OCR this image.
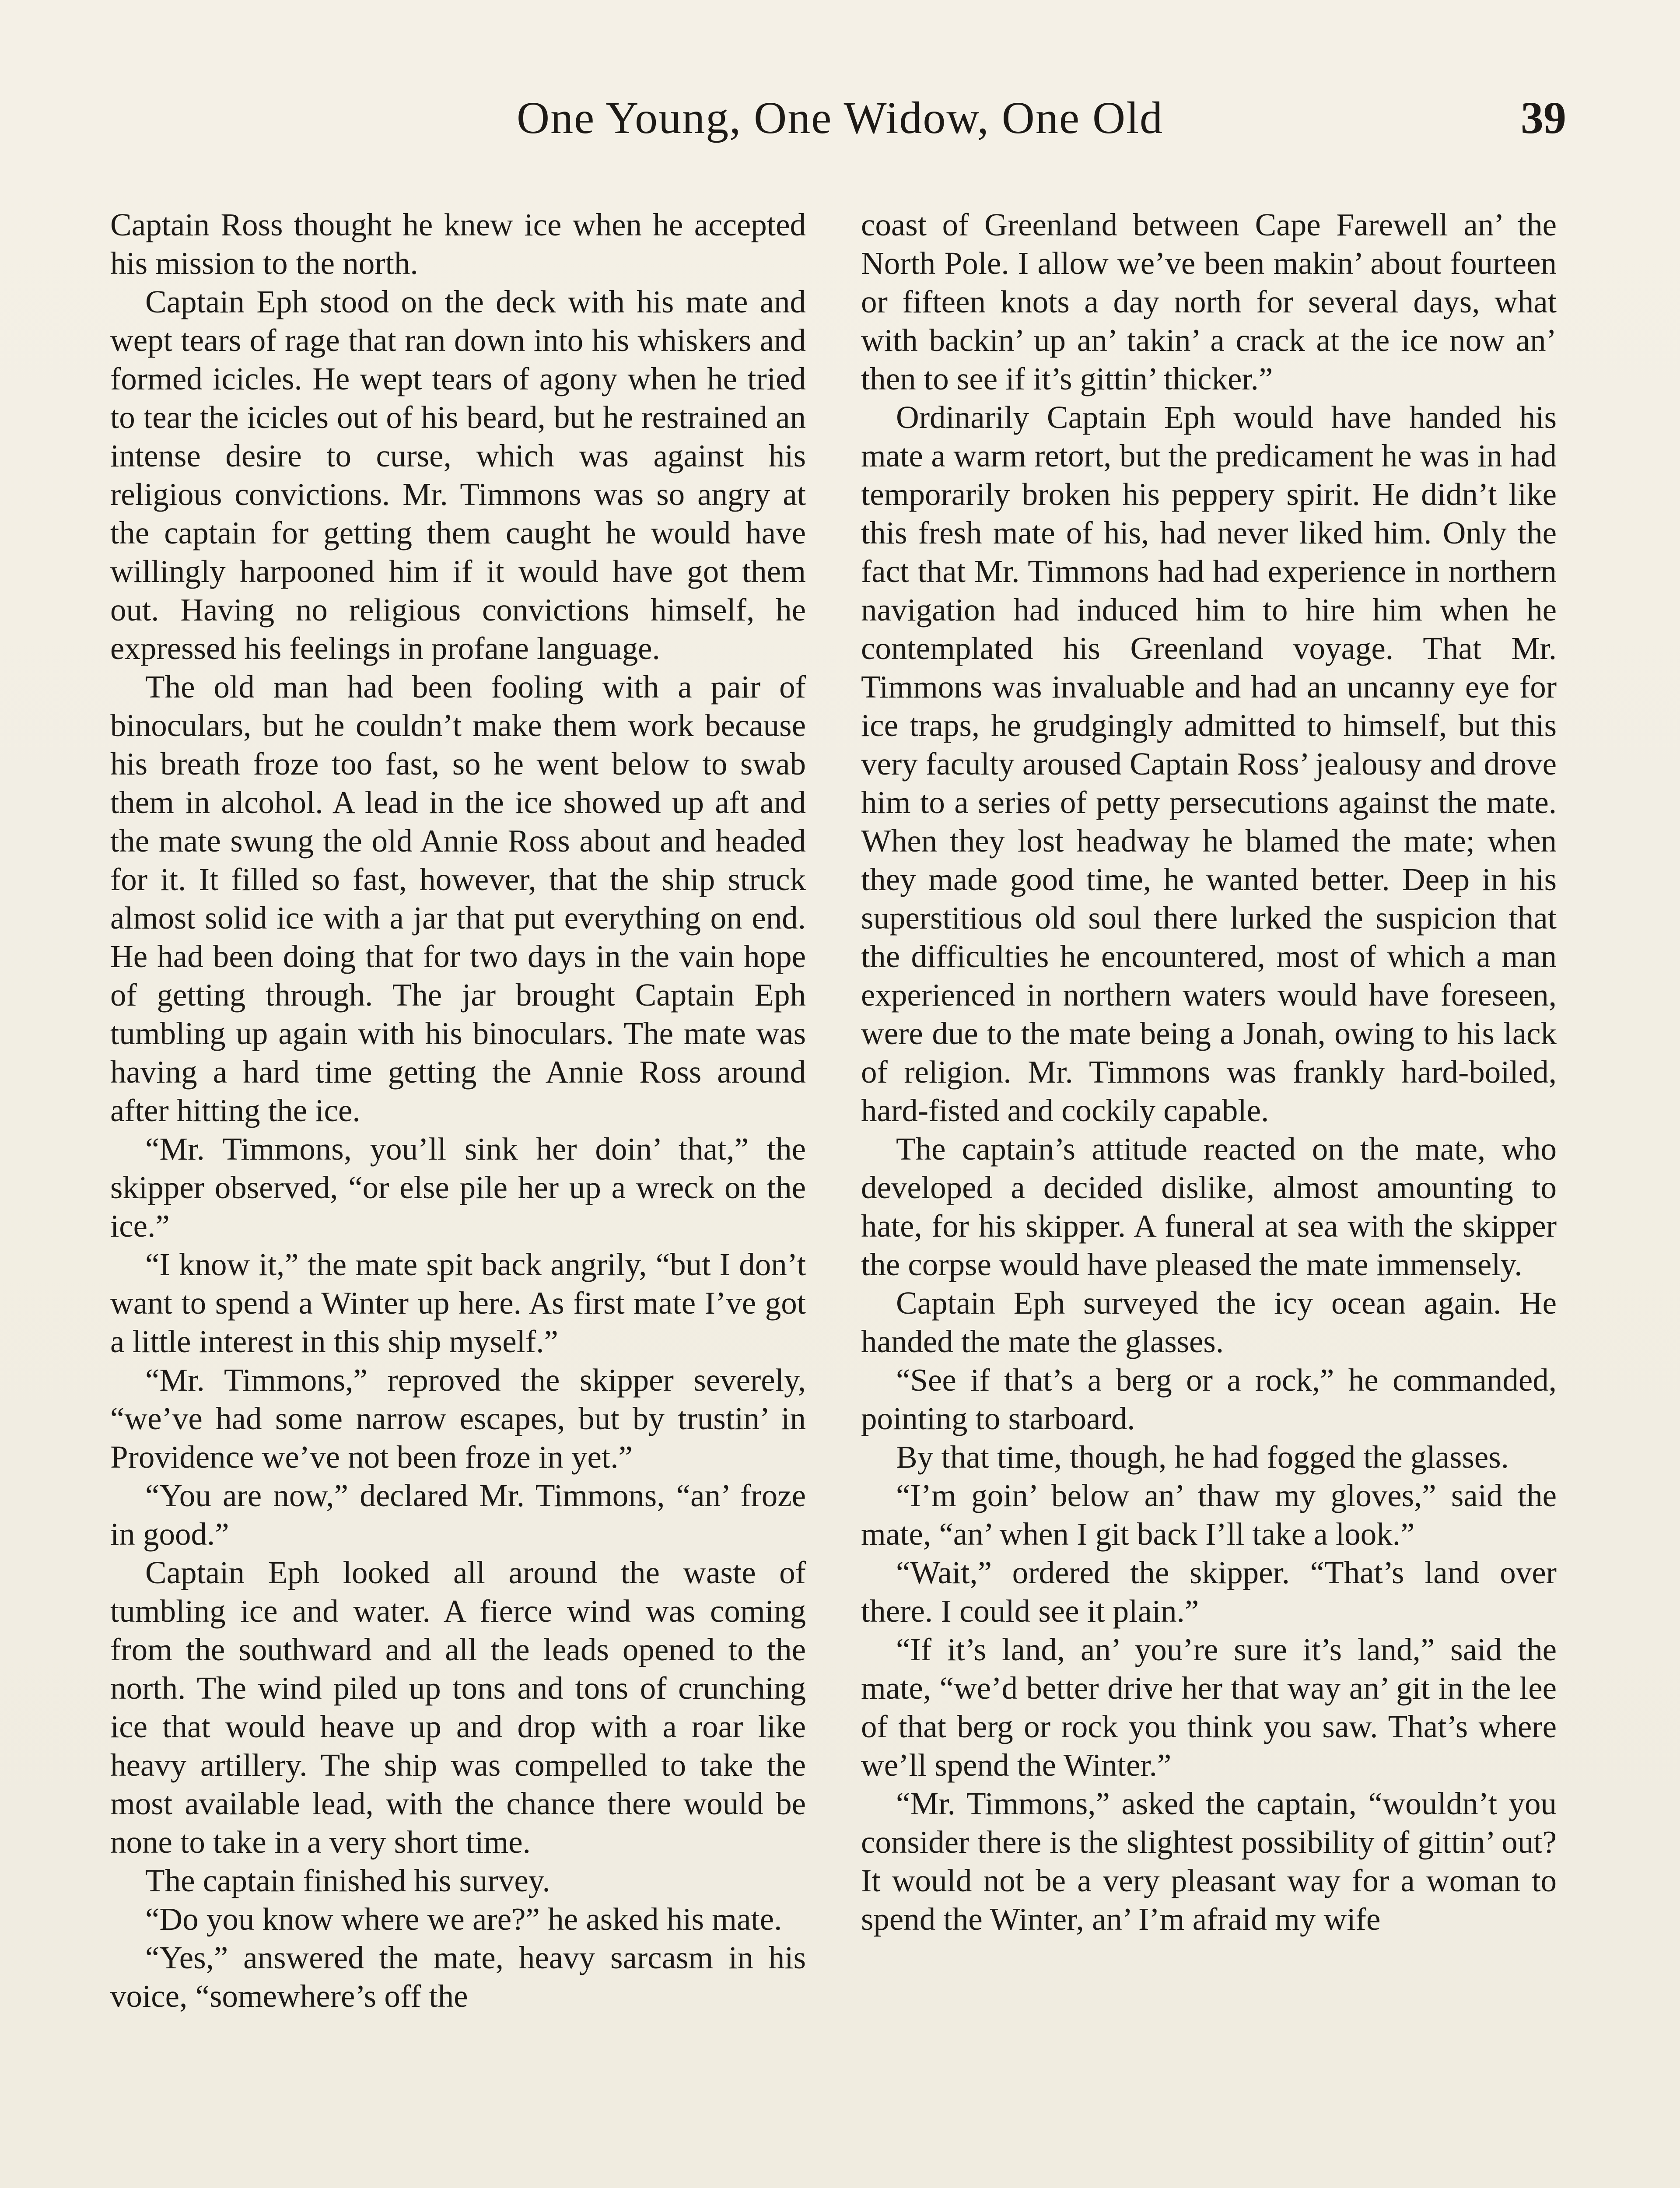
One Young, One Widow, One Old	39

Captain Ross thought he knew ice when he accepted his mission to the north.

Captain Eph stood on the deck with his mate and wept tears of rage that ran down into his whiskers and formed icicles. He wept tears of agony when he tried to tear the icicles out of his beard, but he restrained an intense desire to curse, which was against his religious convictions. Mr. Timmons was so angry at the captain for getting them caught he would have willingly harpooned him if it would have got them out. Having no religious convictions himself, he expressed his feelings in profane language.

The old man had been fooling with a pair of binoculars, but he couldn’t make them work because his breath froze too fast, so he went below to swab them in alcohol. A lead in the ice showed up aft and the mate swung the old Annie Ross about and headed for it. It filled so fast, however, that the ship struck almost solid ice with a jar that put everything on end. He had been doing that for two days in the vain hope of getting through. The jar brought Captain Eph tumbling up again with his binoculars. The mate was having a hard time getting the Annie Ross around after hitting the ice.

“Mr. Timmons, you’ll sink her doin’ that,” the skipper observed, “or else pile her up a wreck on the ice.”

“I know it,” the mate spit back angrily, “but I don’t want to spend a Winter up here. As first mate I’ve got a little interest in this ship myself.”

“Mr. Timmons,” reproved the skipper severely, “we’ve had some narrow escapes, but by trustin’ in Providence we’ve not been froze in yet.”

“You are now,” declared Mr. Timmons, “an’ froze in good.”

Captain Eph looked all around the waste of tumbling ice and water. A fierce wind was coming from the southward and all the leads opened to the north. The wind piled up tons and tons of crunching ice that would heave up and drop with a roar like heavy artillery. The ship was compelled to take the most available lead, with the chance there would be none to take in a very short time.

The captain finished his survey.

“Do you know where we are?” he asked his mate.

“Yes,” answered the mate, heavy sarcasm in his voice, “somewhere’s off the

coast of Greenland between Cape Farewell an’ the North Pole. I allow we’ve been makin’ about fourteen or fifteen knots a day north for several days, what with backin’ up an’ takin’ a crack at the ice now an’ then to see if it’s gittin’ thicker.”

Ordinarily Captain Eph would have handed his mate a warm retort, but the predicament he was in had temporarily broken his peppery spirit. He didn’t like this fresh mate of his, had never liked him. Only the fact that Mr. Timmons had had experience in northern navigation had induced him to hire him when he contemplated his Greenland voyage. That Mr. Timmons was invaluable and had an uncanny eye for ice traps, he grudgingly admitted to himself, but this very faculty aroused Captain Ross’ jealousy and drove him to a series of petty persecutions against the mate. When they lost headway he blamed the mate; when they made good time, he wanted better. Deep in his superstitious old soul there lurked the suspicion that the difficulties he encountered, most of which a man experienced in northern waters would have foreseen, were due to the mate being a Jonah, owing to his lack of religion. Mr. Timmons was frankly hard-boiled, hard-fisted and cockily capable.

The captain’s attitude reacted on the mate, who developed a decided dislike, almost amounting to hate, for his skipper. A funeral at sea with the skipper the corpse would have pleased the mate immensely.

Captain Eph surveyed the icy ocean again. He handed the mate the glasses.

“See if that’s a berg or a rock,” he commanded, pointing to starboard.

By that time, though, he had fogged the glasses.

“I’m goin’ below an’ thaw my gloves,” said the mate, “an’ when I git back I’ll take a look.”

“Wait,” ordered the skipper. “That’s land over there. I could see it plain.”

“If it’s land, an’ you’re sure it’s land,” said the mate, “we’d better drive her that way an’ git in the lee of that berg or rock you think you saw. That’s where we’ll spend the Winter.”

“Mr. Timmons,” asked the captain, “wouldn’t you consider there is the slightest possibility of gittin’ out? It would not be a very pleasant way for a woman to spend the Winter, an’ I’m afraid my wife
